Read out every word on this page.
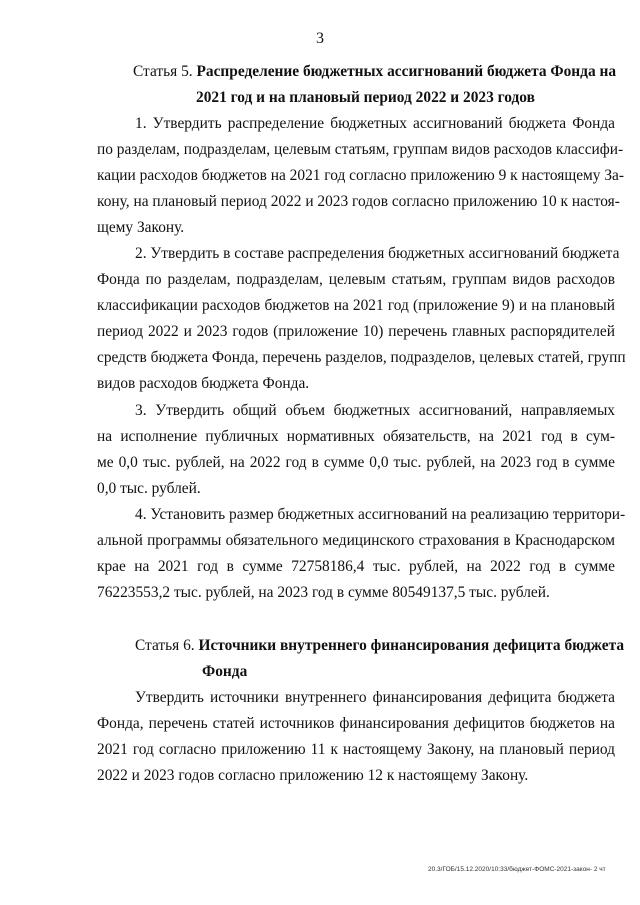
3
Статья 5. Распределение бюджетных ассигнований бюджета Фонда на
2021 год и на плановый период 2022 и 2023 годов
1. Утвердить распределение бюджетных ассигнований бюджета Фонда
по разделам, подразделам, целевым статьям, группам видов расходов классифи-
кации расходов бюджетов на 2021 год согласно приложению 9 к настоящему За-
кону, на плановый период 2022 и 2023 годов согласно приложению 10 к настоя-
щему Закону.
2. Утвердить в составе распределения бюджетных ассигнований бюджета
Фонда по разделам, подразделам, целевым статьям, группам видов расходов
классификации расходов бюджетов на 2021 год (приложение 9) и на плановый
период 2022 и 2023 годов (приложение 10) перечень главных распорядителей
средств бюджета Фонда, перечень разделов, подразделов, целевых статей, групп
видов расходов бюджета Фонда.
3. Утвердить общий объем бюджетных ассигнований, направляемых
на исполнение публичных нормативных обязательств, на 2021 год в сум-
ме 0,0 тыс. рублей, на 2022 год в сумме 0,0 тыс. рублей, на 2023 год в сумме
0,0 тыс. рублей.
4. Установить размер бюджетных ассигнований на реализацию территори-
альной программы обязательного медицинского страхования в Краснодарском
крае на 2021 год в сумме 72758186,4 тыс. рублей, на 2022 год в сумме
76223553,2 тыс. рублей, на 2023 год в сумме 80549137,5 тыс. рублей.
Статья 6. Источники внутреннего финансирования дефицита бюджета
Фонда
Утвердить источники внутреннего финансирования дефицита бюджета
Фонда, перечень статей источников финансирования дефицитов бюджетов на
2021 год согласно приложению 11 к настоящему Закону, на плановый период
2022 и 2023 годов согласно приложению 12 к настоящему Закону.
20.3/ГОБ/15.12.2020/10:33/бюджет-ФОМС-2021-закон- 2 чт
